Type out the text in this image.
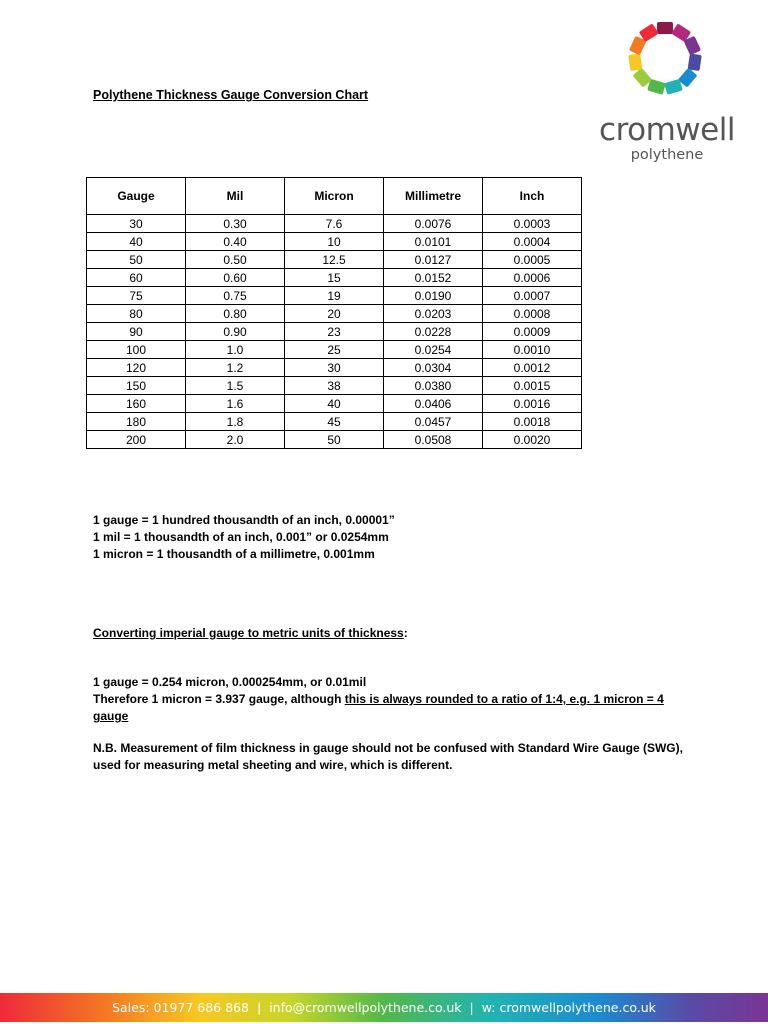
Polythene Thickness Gauge Conversion Chart
cromwell
polythene
Gauge	Mil	Micron	Millimetre	Inch
30	0.30	7.6	0.0076	0.0003
40	0.40	10	0.0101	0.0004
50	0.50	12.5	0.0127	0.0005
60	0.60	15	0.0152	0.0006
75	0.75	19	0.0190	0.0007
80	0.80	20	0.0203	0.0008
90	0.90	23	0.0228	0.0009
100	1.0	25	0.0254	0.0010
120	1.2	30	0.0304	0.0012
150	1.5	38	0.0380	0.0015
160	1.6	40	0.0406	0.0016
180	1.8	45	0.0457	0.0018
200	2.0	50	0.0508	0.0020
1 gauge = 1 hundred thousandth of an inch, 0.00001”
1 mil = 1 thousandth of an inch, 0.001” or 0.0254mm
1 micron = 1 thousandth of a millimetre, 0.001mm
Converting imperial gauge to metric units of thickness:
1 gauge = 0.254 micron, 0.000254mm, or 0.01mil
Therefore 1 micron = 3.937 gauge, although this is always rounded to a ratio of 1:4, e.g. 1 micron = 4 gauge
N.B. Measurement of film thickness in gauge should not be confused with Standard Wire Gauge (SWG), used for measuring metal sheeting and wire, which is different.
Sales: 01977 686 868 | info@cromwellpolythene.co.uk | w: cromwellpolythene.co.uk
